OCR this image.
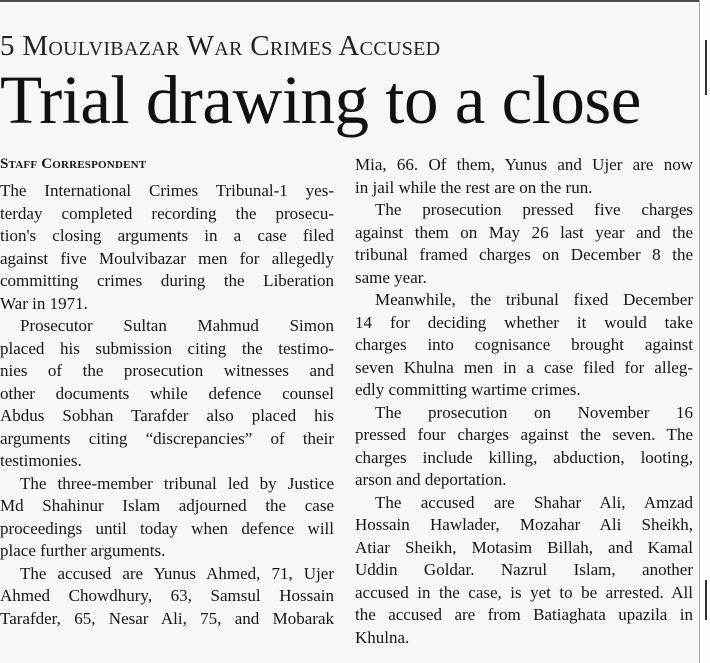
5 Moulvibazar War Crimes Accused
Trial drawing to a close
Staff Correspondent
The International Crimes Tribunal-1 yes-
terday completed recording the prosecu-
tion's closing arguments in a case filed
against five Moulvibazar men for allegedly
committing crimes during the Liberation
War in 1971.
Prosecutor Sultan Mahmud Simon
placed his submission citing the testimo-
nies of the prosecution witnesses and
other documents while defence counsel
Abdus Sobhan Tarafder also placed his
arguments citing “discrepancies” of their
testimonies.
The three-member tribunal led by Justice
Md Shahinur Islam adjourned the case
proceedings until today when defence will
place further arguments.
The accused are Yunus Ahmed, 71, Ujer
Ahmed Chowdhury, 63, Samsul Hossain
Tarafder, 65, Nesar Ali, 75, and Mobarak
Mia, 66. Of them, Yunus and Ujer are now
in jail while the rest are on the run.
The prosecution pressed five charges
against them on May 26 last year and the
tribunal framed charges on December 8 the
same year.
Meanwhile, the tribunal fixed December
14 for deciding whether it would take
charges into cognisance brought against
seven Khulna men in a case filed for alleg-
edly committing wartime crimes.
The prosecution on November 16
pressed four charges against the seven. The
charges include killing, abduction, looting,
arson and deportation.
The accused are Shahar Ali, Amzad
Hossain Hawlader, Mozahar Ali Sheikh,
Atiar Sheikh, Motasim Billah, and Kamal
Uddin Goldar. Nazrul Islam, another
accused in the case, is yet to be arrested. All
the accused are from Batiaghata upazila in
Khulna.
